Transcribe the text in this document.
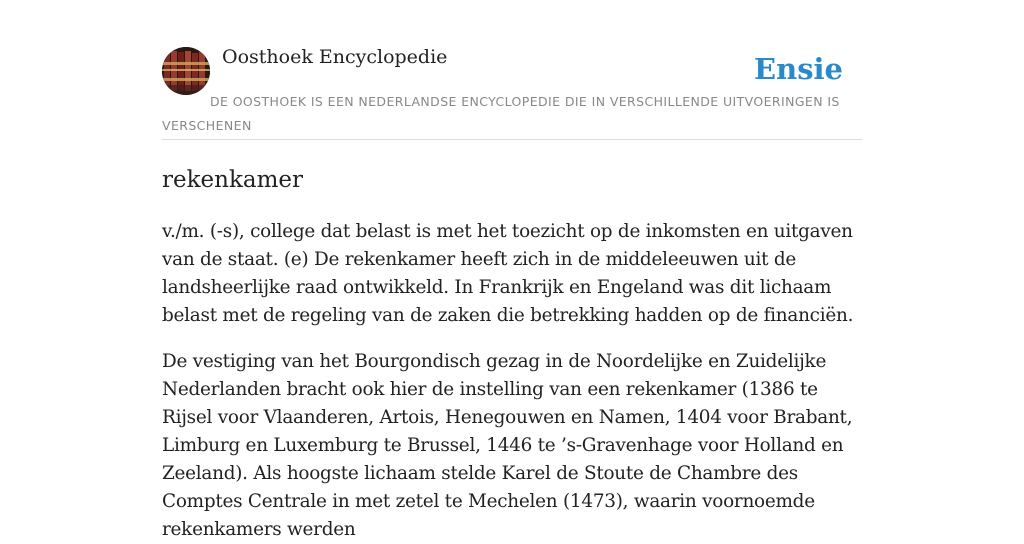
Oosthoek Encyclopedie	Ensie
DE OOSTHOEK IS EEN NEDERLANDSE ENCYCLOPEDIE DIE IN VERSCHILLENDE UITVOERINGEN IS VERSCHENEN
rekenkamer

v./m. (-s), college dat belast is met het toezicht op de inkomsten en uitgaven van de staat. (e) De rekenkamer heeft zich in de middeleeuwen uit de landsheerlijke raad ontwikkeld. In Frankrijk en Engeland was dit lichaam belast met de regeling van de zaken die betrekking hadden op de financiën.

De vestiging van het Bourgondisch gezag in de Noordelijke en Zuidelijke Nederlanden bracht ook hier de instelling van een rekenkamer (1386 te Rijsel voor Vlaanderen, Artois, Henegouwen en Namen, 1404 voor Brabant, Limburg en Luxemburg te Brussel, 1446 te ’s-Gravenhage voor Holland en Zeeland). Als hoogste lichaam stelde Karel de Stoute de Chambre des Comptes Centrale in met zetel te Mechelen (1473), waarin voornoemde rekenkamers werden
